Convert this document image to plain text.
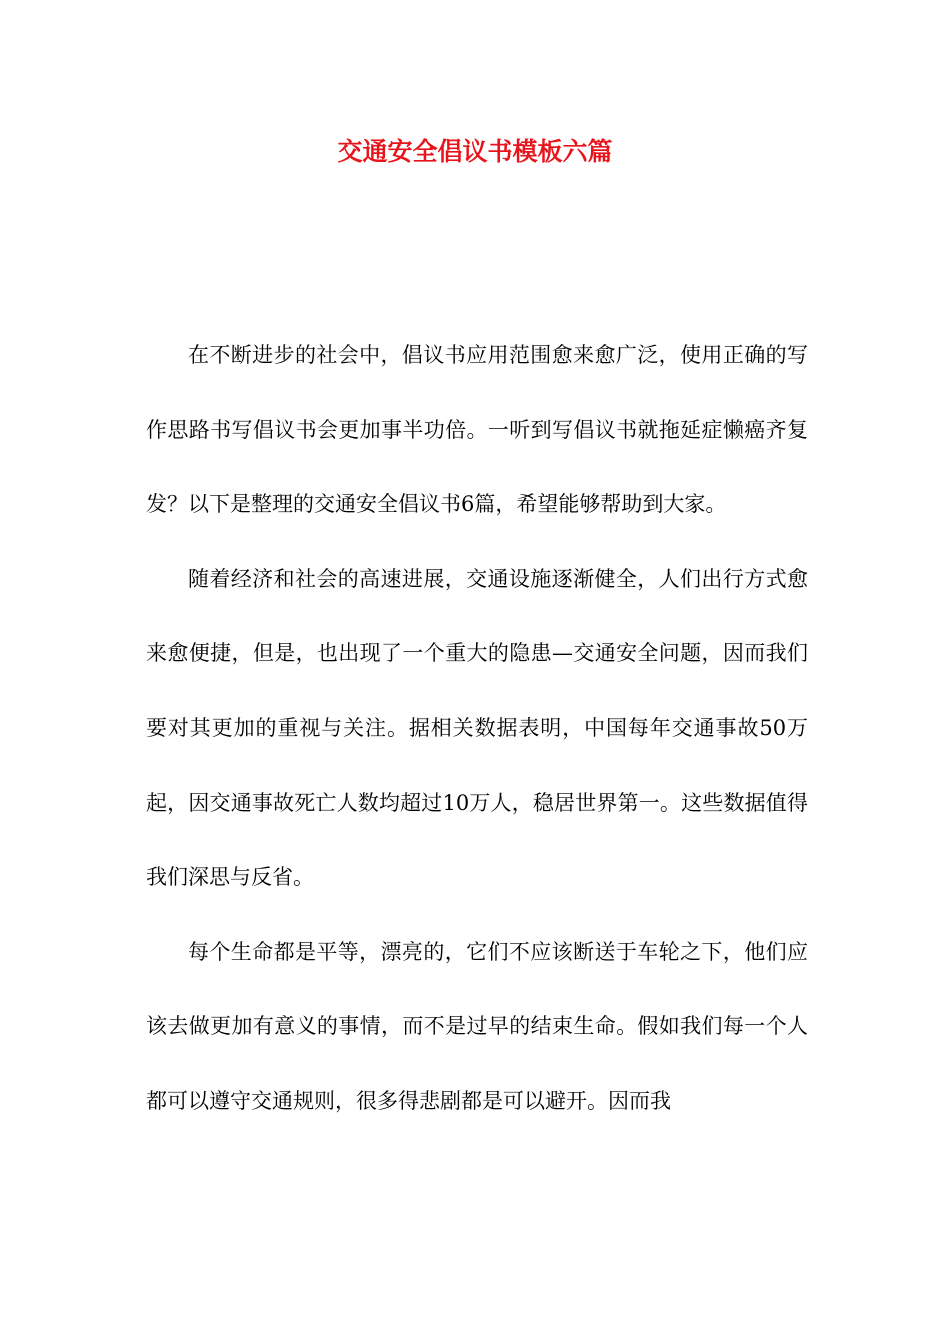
交通安全倡议书模板六篇

在不断进步的社会中，倡议书应用范围愈来愈广泛，使用正确的写作思路书写倡议书会更加事半功倍。一听到写倡议书就拖延症懒癌齐复发？以下是整理的交通安全倡议书6篇，希望能够帮助到大家。

随着经济和社会的高速进展，交通设施逐渐健全，人们出行方式愈来愈便捷，但是，也出现了一个重大的隐患—交通安全问题，因而我们要对其更加的重视与关注。据相关数据表明，中国每年交通事故50万起，因交通事故死亡人数均超过10万人，稳居世界第一。这些数据值得我们深思与反省。

每个生命都是平等，漂亮的，它们不应该断送于车轮之下，他们应该去做更加有意义的事情，而不是过早的结束生命。假如我们每一个人都可以遵守交通规则，很多得悲剧都是可以避开。因而我
